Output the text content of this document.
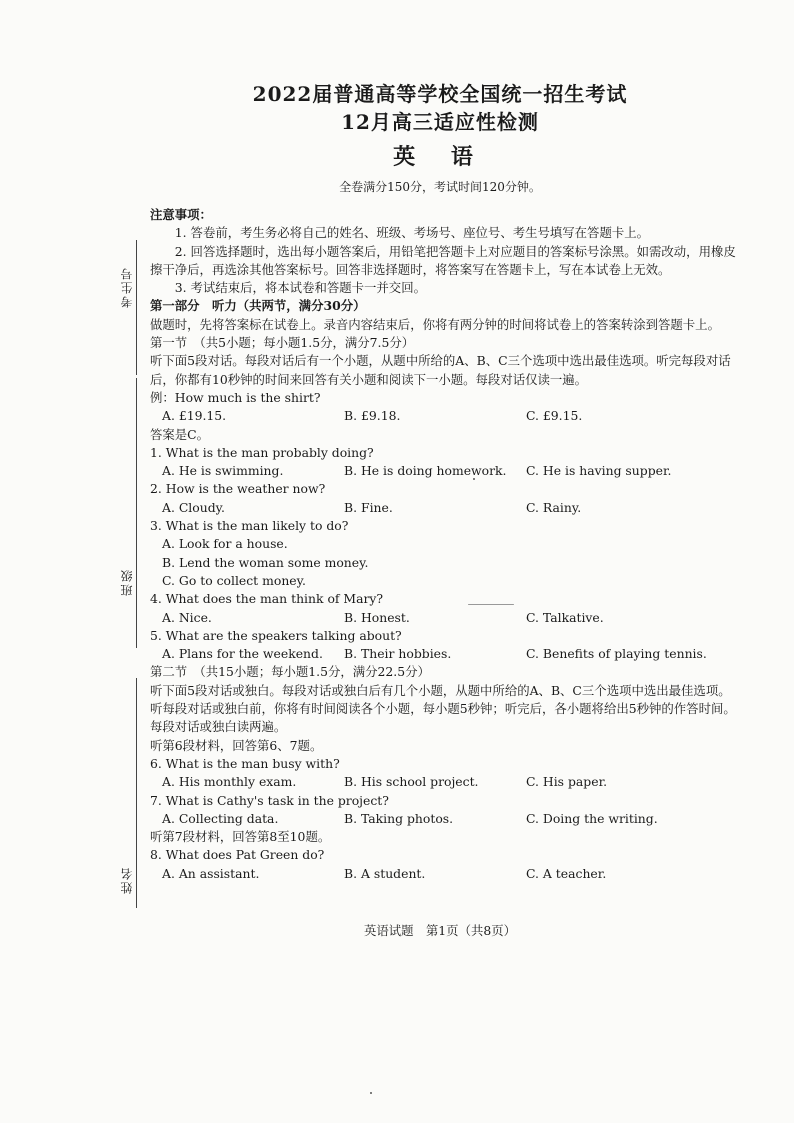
考生号
班级
姓名
2022届普通高等学校全国统一招生考试
12月高三适应性检测
英 语
全卷满分150分，考试时间120分钟。

注意事项：

1. 答卷前，考生务必将自己的姓名、班级、考场号、座位号、考生号填写在答题卡上。

2. 回答选择题时，选出每小题答案后，用铅笔把答题卡上对应题目的答案标号涂黑。如需改动，用橡皮擦干净后，再选涂其他答案标号。回答非选择题时，将答案写在答题卡上，写在本试卷上无效。

3. 考试结束后，将本试卷和答题卡一并交回。

第一部分　听力（共两节，满分30分）

做题时，先将答案标在试卷上。录音内容结束后，你将有两分钟的时间将试卷上的答案转涂到答题卡上。

第一节　（共5小题；每小题1.5分，满分7.5分）

听下面5段对话。每段对话后有一个小题，从题中所给的A、B、C三个选项中选出最佳选项。听完每段对话后，你都有10秒钟的时间来回答有关小题和阅读下一小题。每段对话仅读一遍。

例：How much is the shirt?

A. £19.15.	B. £9.18.	C. £9.15.

答案是C。

1. What is the man probably doing?

A. He is swimming.	B. He is doing homework.	C. He is having supper.

2. How is the weather now?

A. Cloudy.	B. Fine.	C. Rainy.

3. What is the man likely to do?

A. Look for a house.

B. Lend the woman some money.

C. Go to collect money.

4. What does the man think of Mary?

A. Nice.	B. Honest.	C. Talkative.

5. What are the speakers talking about?

A. Plans for the weekend.	B. Their hobbies.	C. Benefits of playing tennis.

第二节　（共15小题；每小题1.5分，满分22.5分）

听下面5段对话或独白。每段对话或独白后有几个小题，从题中所给的A、B、C三个选项中选出最佳选项。听每段对话或独白前，你将有时间阅读各个小题，每小题5秒钟；听完后，各小题将给出5秒钟的作答时间。每段对话或独白读两遍。

听第6段材料，回答第6、7题。

6. What is the man busy with?

A. His monthly exam.	B. His school project.	C. His paper.

7. What is Cathy's task in the project?

A. Collecting data.	B. Taking photos.	C. Doing the writing.

听第7段材料，回答第8至10题。

8. What does Pat Green do?

A. An assistant.	B. A student.	C. A teacher.
英语试题　第1页（共8页）
